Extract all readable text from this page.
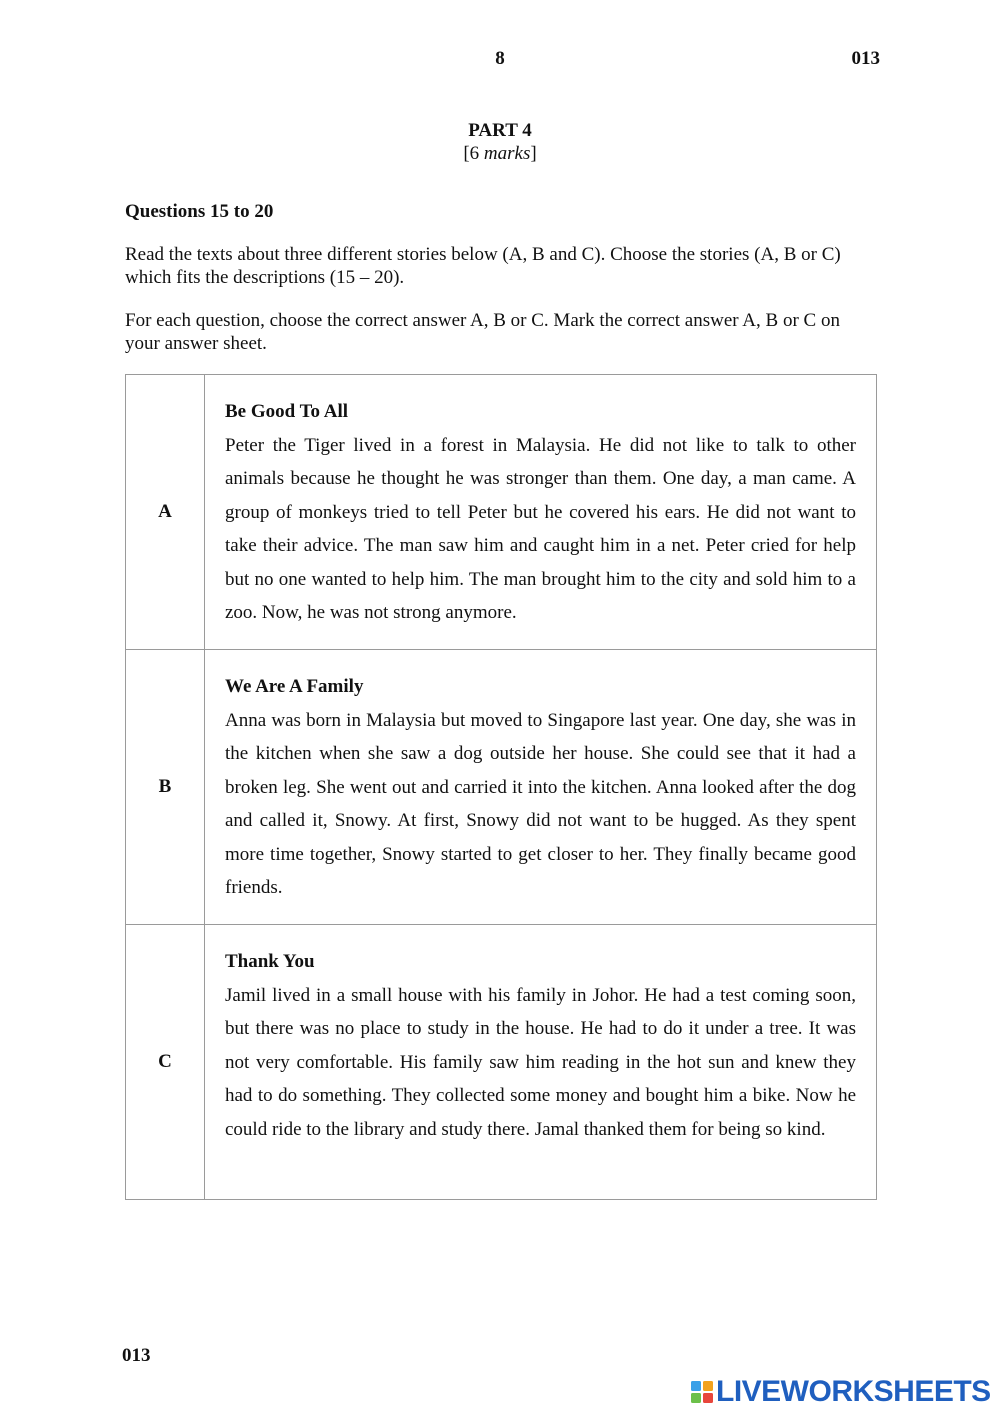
8	013
PART 4
[6 marks]
Questions 15 to 20
Read the texts about three different stories below (A, B and C). Choose the stories (A, B or C) which fits the descriptions (15 – 20).
For each question, choose the correct answer A, B or C. Mark the correct answer A, B or C on your answer sheet.
A	Be Good To All
Peter the Tiger lived in a forest in Malaysia. He did not like to talk to other animals because he thought he was stronger than them. One day, a man came. A group of monkeys tried to tell Peter but he covered his ears. He did not want to take their advice. The man saw him and caught him in a net. Peter cried for help but no one wanted to help him. The man brought him to the city and sold him to a zoo. Now, he was not strong anymore.

B	We Are A Family
Anna was born in Malaysia but moved to Singapore last year. One day, she was in the kitchen when she saw a dog outside her house. She could see that it had a broken leg. She went out and carried it into the kitchen. Anna looked after the dog and called it, Snowy. At first, Snowy did not want to be hugged. As they spent more time together, Snowy started to get closer to her. They finally became good friends.

C	Thank You
Jamil lived in a small house with his family in Johor. He had a test coming soon, but there was no place to study in the house. He had to do it under a tree. It was not very comfortable. His family saw him reading in the hot sun and knew they had to do something. They collected some money and bought him a bike. Now he could ride to the library and study there. Jamal thanked them for being so kind.
013
LIVEWORKSHEETS
